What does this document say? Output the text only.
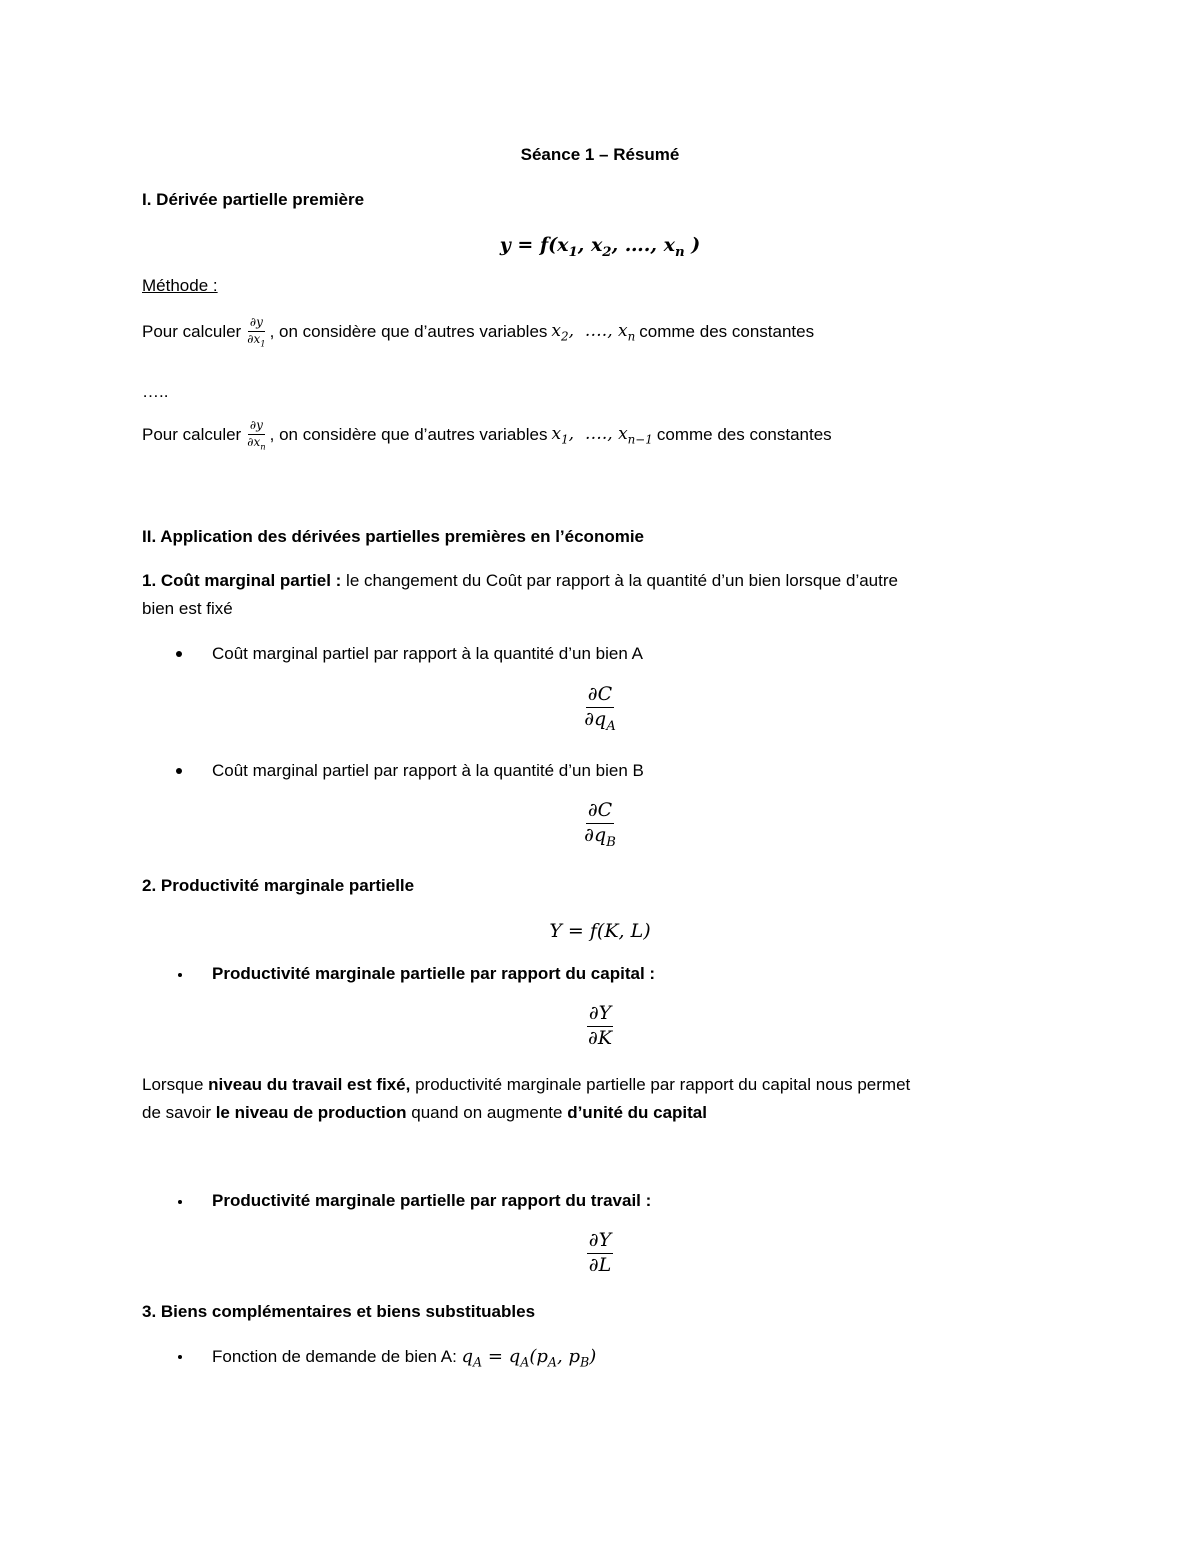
Séance 1 – Résumé
I. Dérivée partielle première
$y = f(x_1$, $x_2$, …., $x_n$ )
Méthode :
Pour calculer $\frac{\partial y}{\partial x_1}$ , on considère que d’autres variables $x_2$,  …., $x_n$ comme des constantes
…..
Pour calculer $\frac{\partial y}{\partial x_n}$ , on considère que d’autres variables $x_1$,  …., $x_{n-1}$ comme des constantes
II. Application des dérivées partielles premières en l’économie
1. Coût marginal partiel : le changement du Coût par rapport à la quantité d’un bien lorsque d’autre
bien est fixé
Coût marginal partiel par rapport à la quantité d’un bien A
$\frac{\partial C}{\partial q_A}$
Coût marginal partiel par rapport à la quantité d’un bien B
$\frac{\partial C}{\partial q_B}$
2. Productivité marginale partielle
Y = f(K, L)
Productivité marginale partielle par rapport du capital :
$\frac{\partial Y}{\partial K}$
Lorsque niveau du travail est fixé, productivité marginale partielle par rapport du capital nous permet
de savoir le niveau de production quand on augmente d’unité du capital
Productivité marginale partielle par rapport du travail :
$\frac{\partial Y}{\partial L}$
3. Biens complémentaires et biens substituables
Fonction de demande de bien A: $q_A = q_A(p_A$, $p_B$)
